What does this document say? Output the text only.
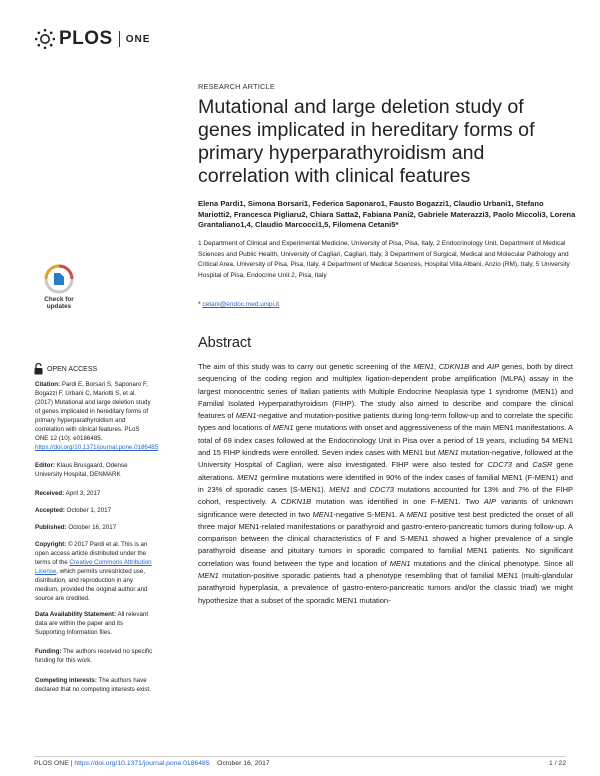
PLOS ONE
RESEARCH ARTICLE
Mutational and large deletion study of genes implicated in hereditary forms of primary hyperparathyroidism and correlation with clinical features
Elena Pardi1, Simona Borsari1, Federica Saponaro1, Fausto Bogazzi1, Claudio Urbani1, Stefano Mariotti2, Francesca Pigliaru2, Chiara Satta2, Fabiana Pani2, Gabriele Materazzi3, Paolo Miccoli3, Lorena Grantaliano1,4, Claudio Marcocci1,5, Filomena Cetani5*
1 Department of Clinical and Experimental Medicine, University of Pisa, Pisa, Italy, 2 Endocrinology Unit, Department of Medical Sciences and Public Health, University of Cagliari, Cagliari, Italy, 3 Department of Surgical, Medical and Molecular Pathology and Critical Area, University of Pisa, Pisa, Italy, 4 Department of Medical Sciences, Hospital Villa Albani, Anzio (RM), Italy, 5 University Hospital of Pisa, Endocrine Unit 2, Pisa, Italy
* cetani@endoc.med.unipi.it
Check for
updates
OPEN ACCESS
Citation: Pardi E, Borsari S, Saponaro F, Bogazzi F, Urbani C, Mariotti S, et al. (2017) Mutational and large deletion study of genes implicated in hereditary forms of primary hyperparathyroidism and correlation with clinical features. PLoS ONE 12 (10): e0186485. https://doi.org/10.1371/journal.pone.0186485
Editor: Klaus Brusgaard, Odense University Hospital, DENMARK
Received: April 3, 2017
Accepted: October 1, 2017
Published: October 16, 2017
Copyright: © 2017 Pardi et al. This is an open access article distributed under the terms of the Creative Commons Attribution License, which permits unrestricted use, distribution, and reproduction in any medium, provided the original author and source are credited.
Data Availability Statement: All relevant data are within the paper and its Supporting Information files.
Funding: The authors received no specific funding for this work.
Competing interests: The authors have declared that no competing interests exist.
Abstract
The aim of this study was to carry out genetic screening of the MEN1, CDKN1B and AIP genes, both by direct sequencing of the coding region and multiplex ligation-dependent probe amplification (MLPA) assay in the largest monocentric series of Italian patients with Multiple Endocrine Neoplasia type 1 syndrome (MEN1) and Familial Isolated Hyperparathyroidism (FIHP). The study also aimed to describe and compare the clinical features of MEN1-negative and mutation-positive patients during long-term follow-up and to correlate the specific types and locations of MEN1 gene mutations with onset and aggressiveness of the main MEN1 manifestations. A total of 69 index cases followed at the Endocrinology Unit in Pisa over a period of 19 years, including 54 MEN1 and 15 FIHP kindreds were enrolled. Seven index cases with MEN1 but MEN1 mutation-negative, followed at the University Hospital of Cagliari, were also investigated. FIHP were also tested for CDC73 and CaSR gene alterations. MEN1 germline mutations were identified in 90% of the index cases of familial MEN1 (F-MEN1) and in 23% of sporadic cases (S-MEN1). MEN1 and CDC73 mutations accounted for 13% and 7% of the FIHP cohort, respectively. A CDKN1B mutation was identified in one F-MEN1. Two AIP variants of unknown significance were detected in two MEN1-negative S-MEN1. A MEN1 positive test best predicted the onset of all three major MEN1-related manifestations or parathyroid and gastro-entero-pancreatic tumors during follow-up. A comparison between the clinical characteristics of F and S-MEN1 showed a higher prevalence of a single parathyroid disease and pituitary tumors in sporadic compared to familial MEN1 patients. No significant correlation was found between the type and location of MEN1 mutations and the clinical phenotype. Since all MEN1 mutation-positive sporadic patients had a phenotype resembling that of familial MEN1 (multi-glandular parathyroid hyperplasia, a prevalence of gastro-entero-pancreatic tumors and/or the classic triad) we might hypothesize that a subset of the sporadic MEN1 mutation-
PLOS ONE | https://doi.org/10.1371/journal.pone.0186485 October 16, 2017	1 / 22
